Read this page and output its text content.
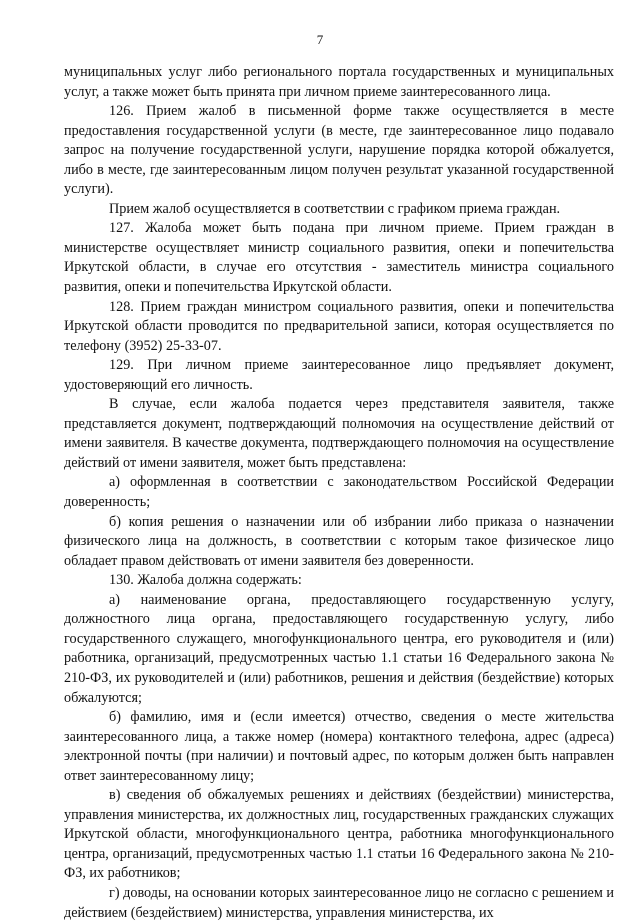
7

муниципальных услуг либо регионального портала государственных и муниципальных услуг, а также может быть принята при личном приеме заинтересованного лица.

126. Прием жалоб в письменной форме также осуществляется в месте предоставления государственной услуги (в месте, где заинтересованное лицо подавало запрос на получение государственной услуги, нарушение порядка которой обжалуется, либо в месте, где заинтересованным лицом получен результат указанной государственной услуги).

Прием жалоб осуществляется в соответствии с графиком приема граждан.

127. Жалоба может быть подана при личном приеме. Прием граждан в министерстве осуществляет министр социального развития, опеки и попечительства Иркутской области, в случае его отсутствия - заместитель министра социального развития, опеки и попечительства Иркутской области.

128. Прием граждан министром социального развития, опеки и попечительства Иркутской области проводится по предварительной записи, которая осуществляется по телефону (3952) 25-33-07.

129. При личном приеме заинтересованное лицо предъявляет документ, удостоверяющий его личность.

В случае, если жалоба подается через представителя заявителя, также представляется документ, подтверждающий полномочия на осуществление действий от имени заявителя. В качестве документа, подтверждающего полномочия на осуществление действий от имени заявителя, может быть представлена:

а) оформленная в соответствии с законодательством Российской Федерации доверенность;

б) копия решения о назначении или об избрании либо приказа о назначении физического лица на должность, в соответствии с которым такое физическое лицо обладает правом действовать от имени заявителя без доверенности.

130. Жалоба должна содержать:

а) наименование органа, предоставляющего государственную услугу, должностного лица органа, предоставляющего государственную услугу, либо государственного служащего, многофункционального центра, его руководителя и (или) работника, организаций, предусмотренных частью 1.1 статьи 16 Федерального закона № 210-ФЗ, их руководителей и (или) работников, решения и действия (бездействие) которых обжалуются;

б) фамилию, имя и (если имеется) отчество, сведения о месте жительства заинтересованного лица, а также номер (номера) контактного телефона, адрес (адреса) электронной почты (при наличии) и почтовый адрес, по которым должен быть направлен ответ заинтересованному лицу;

в) сведения об обжалуемых решениях и действиях (бездействии) министерства, управления министерства, их должностных лиц, государственных гражданских служащих Иркутской области, многофункционального центра, работника многофункционального центра, организаций, предусмотренных частью 1.1 статьи 16 Федерального закона № 210-ФЗ, их работников;

г) доводы, на основании которых заинтересованное лицо не согласно с решением и действием (бездействием) министерства, управления министерства, их
